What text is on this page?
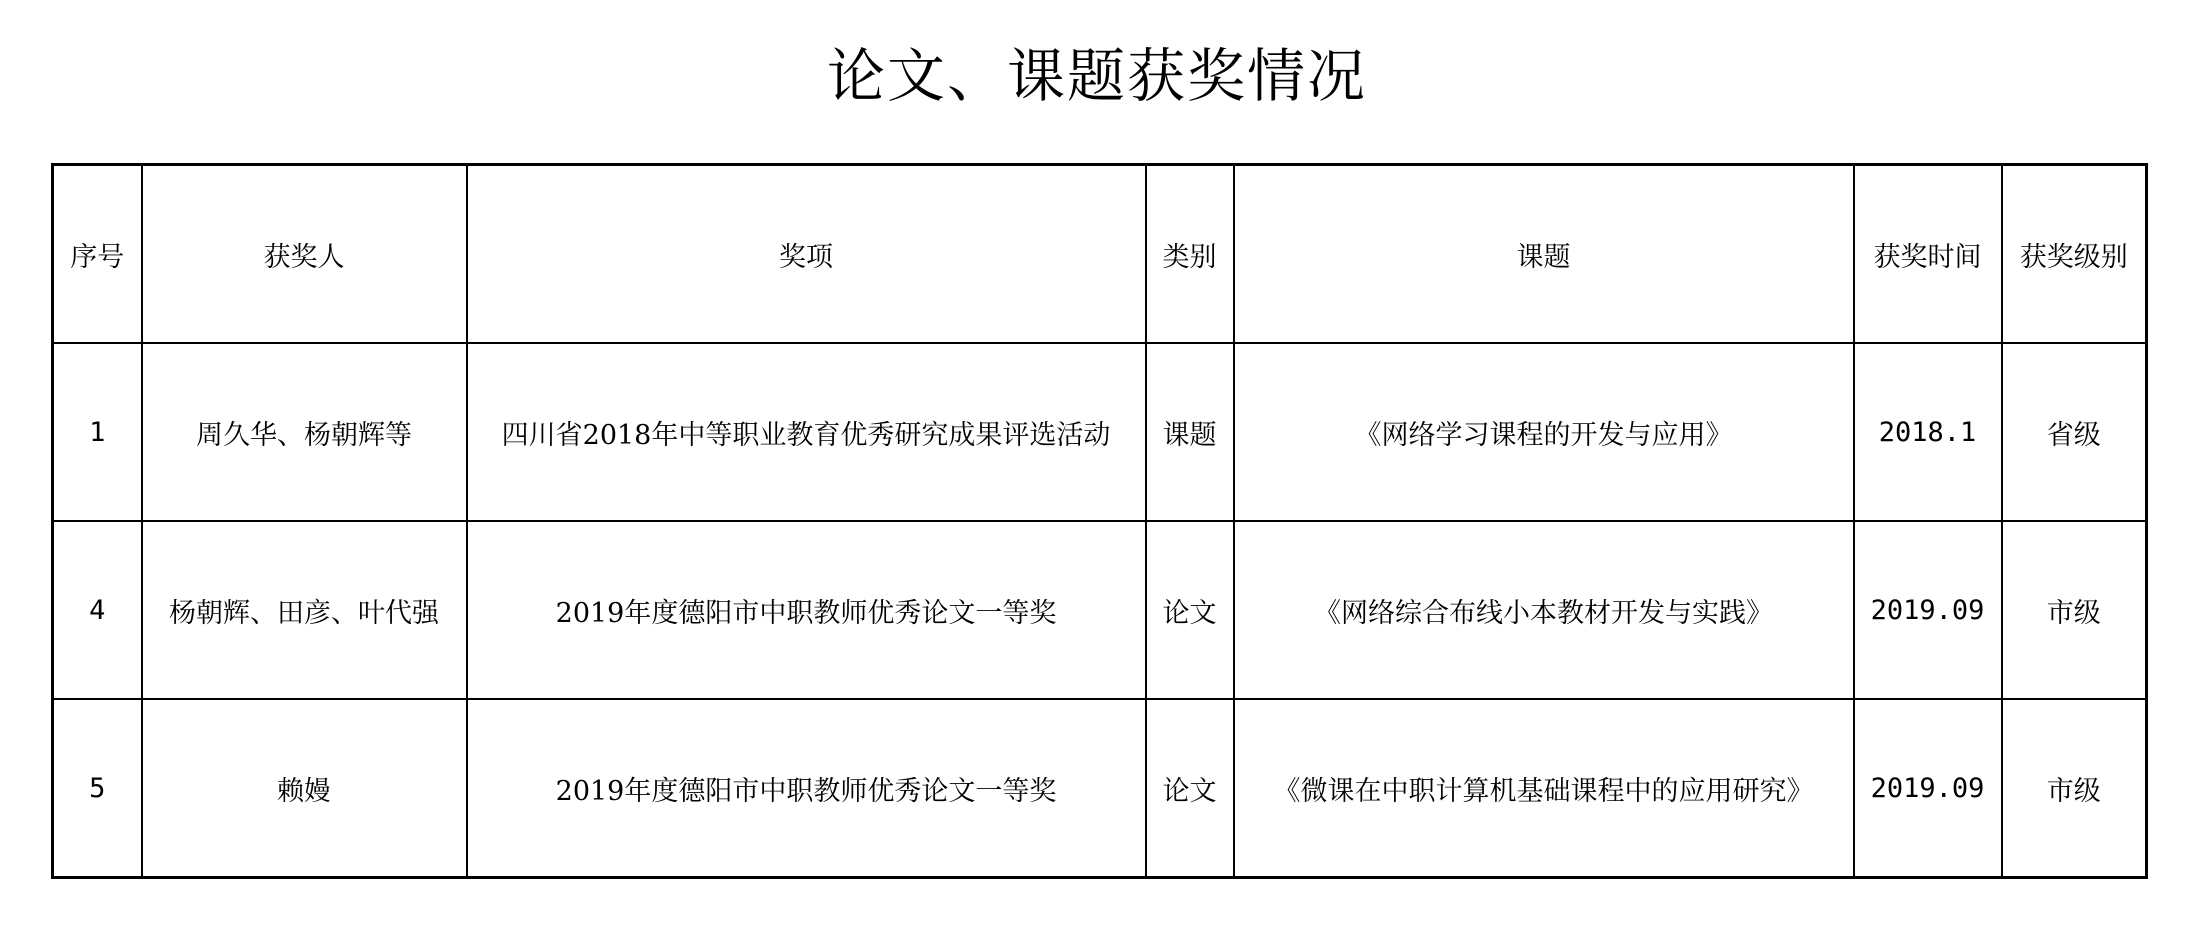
论文、课题获奖情况
序号	获奖人	奖项	类别	课题	获奖时间	获奖级别
1	周久华、杨朝辉等	四川省2018年中等职业教育优秀研究成果评选活动	课题	《网络学习课程的开发与应用》	2018.1	省级
4	杨朝辉、田彦、叶代强	2019年度德阳市中职教师优秀论文一等奖	论文	《网络综合布线小本教材开发与实践》	2019.09	市级
5	赖嫚	2019年度德阳市中职教师优秀论文一等奖	论文	《微课在中职计算机基础课程中的应用研究》	2019.09	市级
